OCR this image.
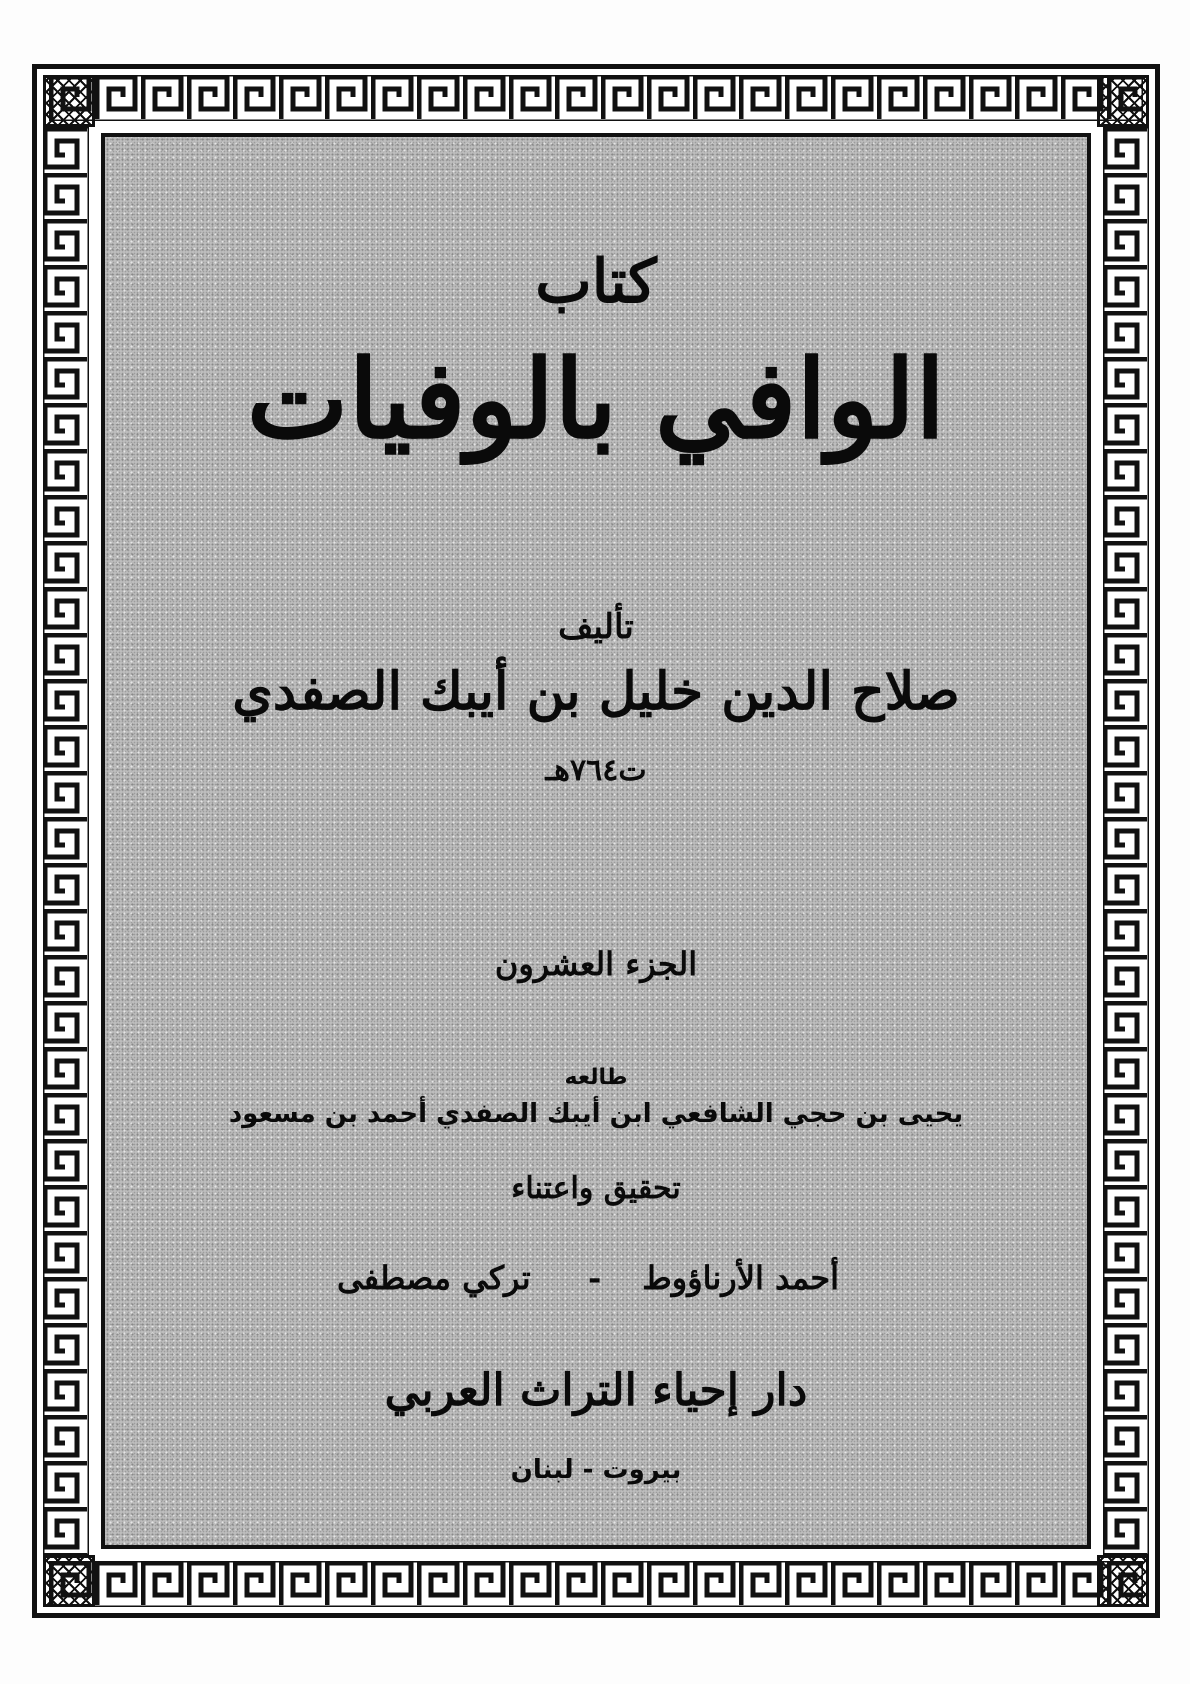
كتاب
الوافي بالوفيات
تأليف
صلاح الدين خليل بن أيبك الصفدي
ت٧٦٤هـ
الجزء العشرون
طالعه
يحيى بن حجي الشافعي ابن أيبك الصفدي أحمد بن مسعود
تحقيق واعتناء
أحمد الأرناؤوط
-
تركي مصطفى
دار إحياء التراث العربي
بيروت - لبنان
